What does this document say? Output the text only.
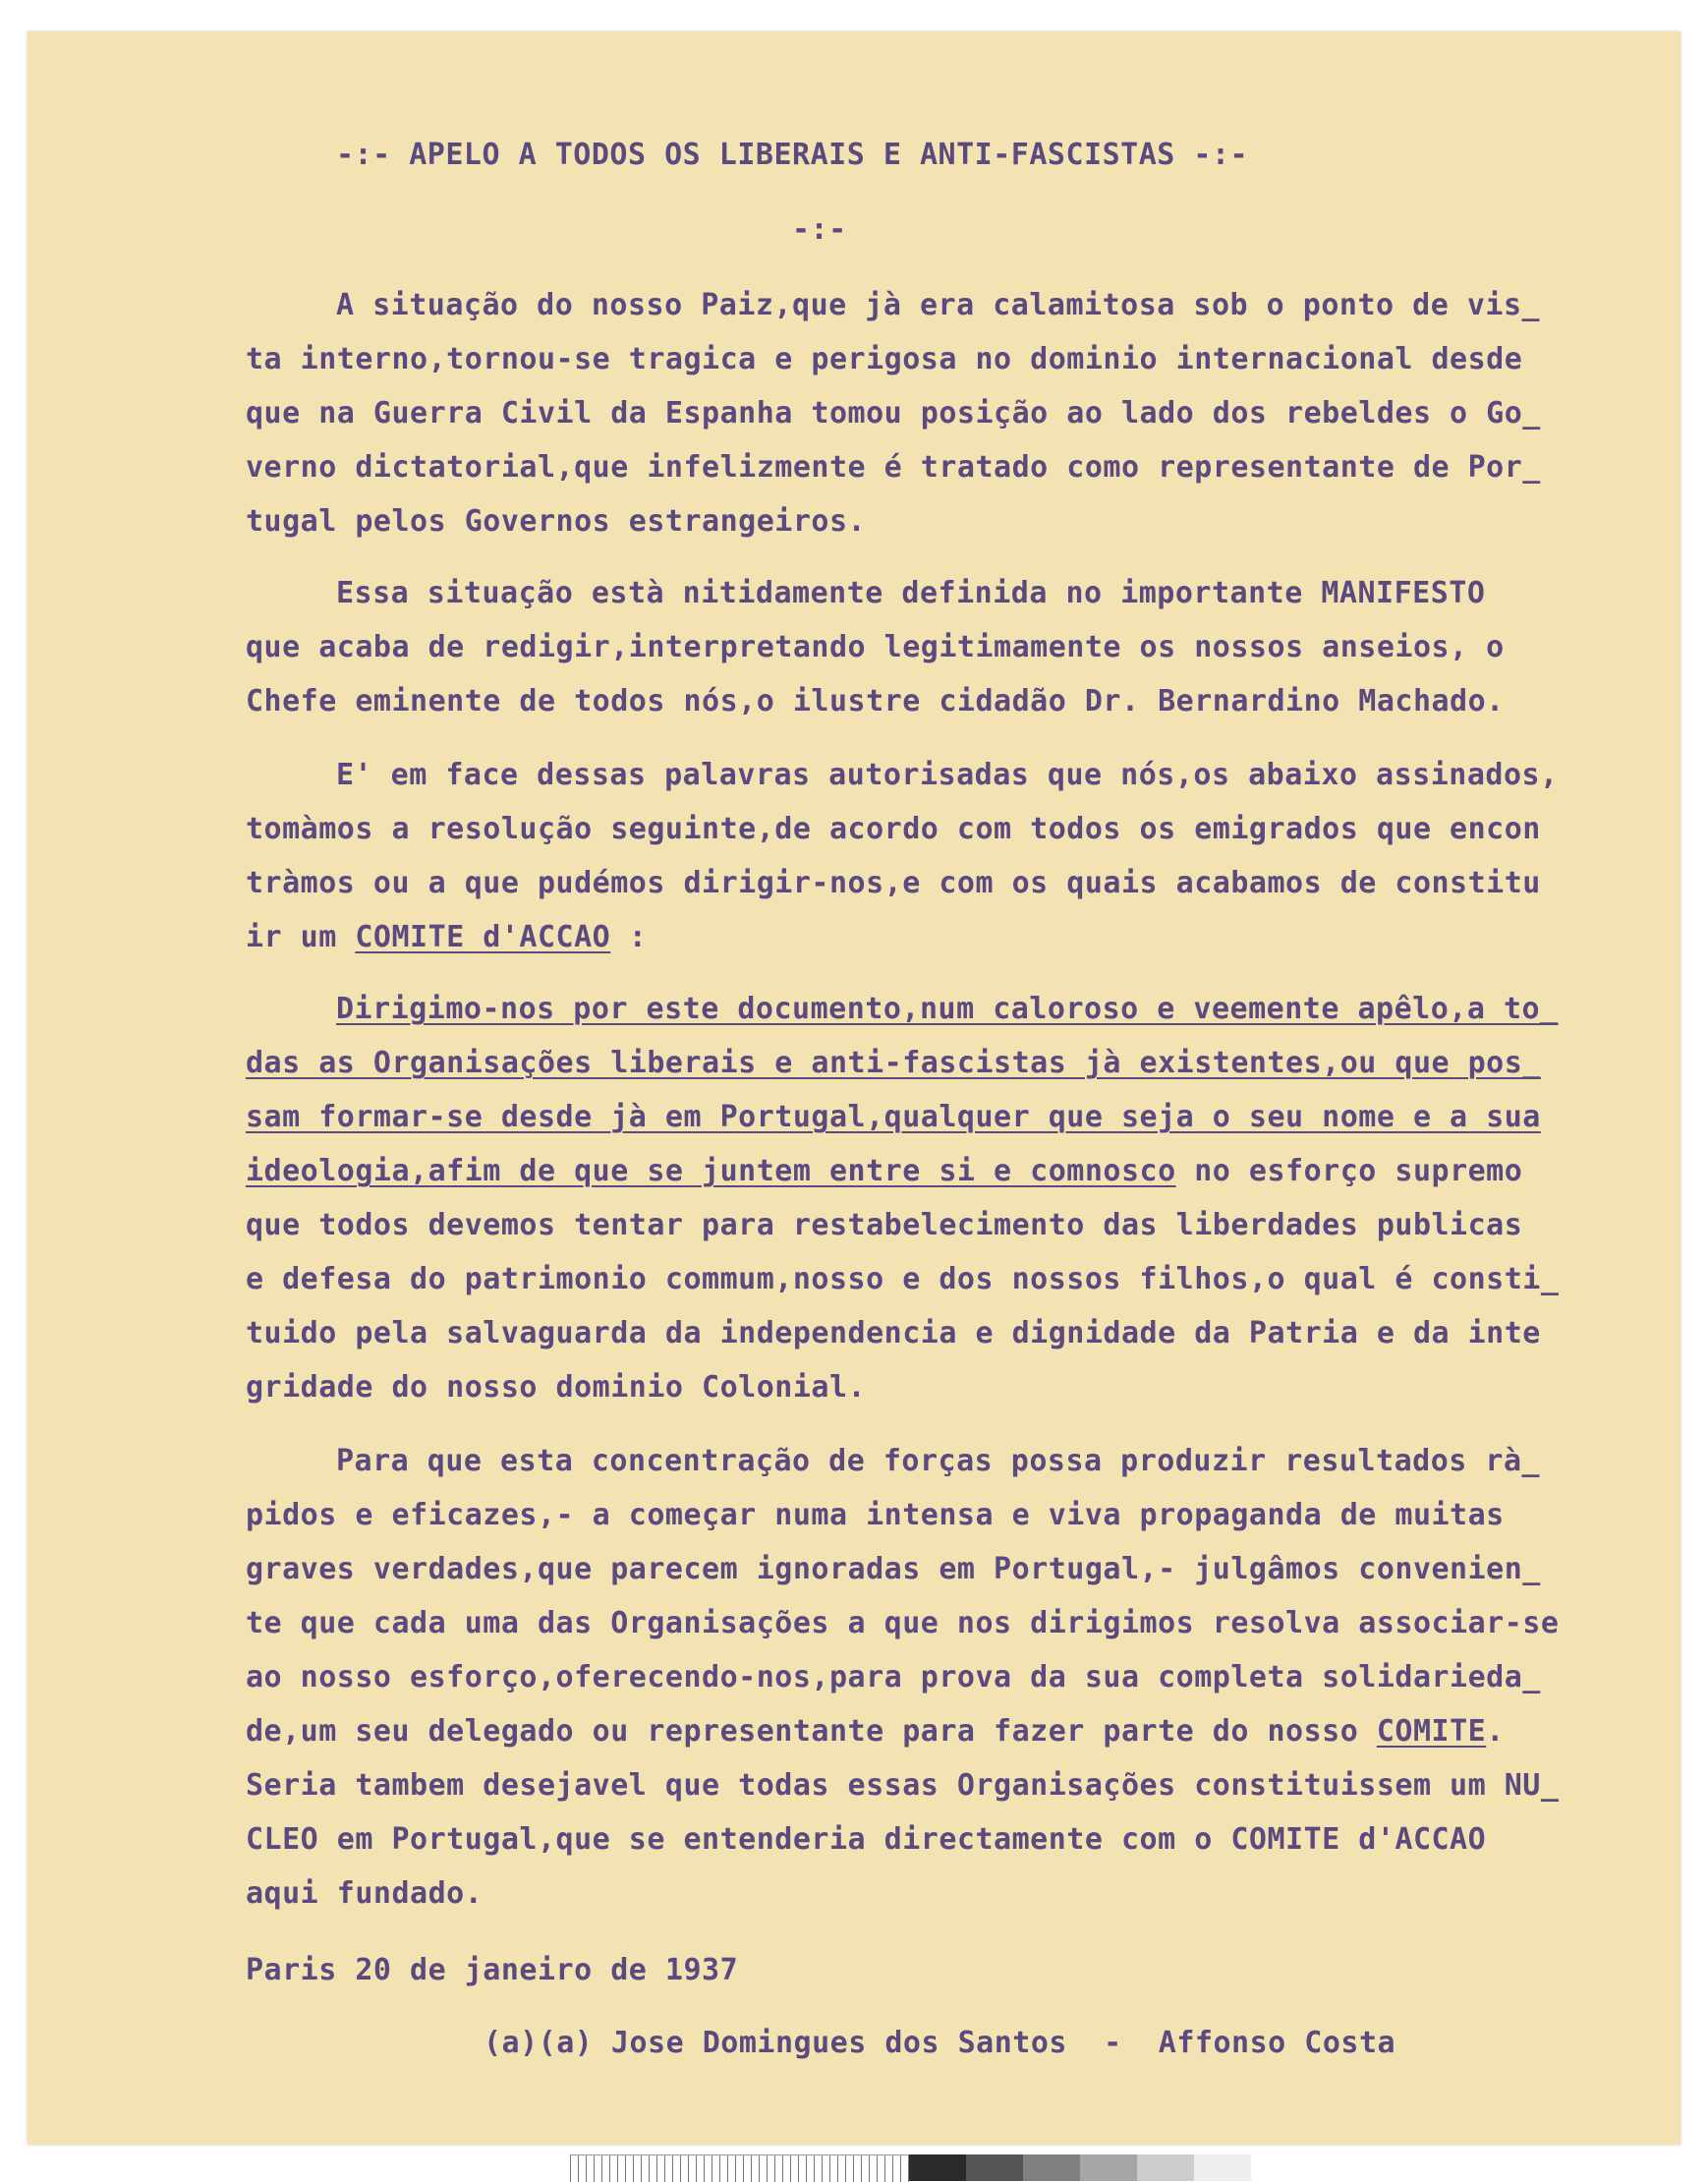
-:- APELO A TODOS OS LIBERAIS E ANTI-FASCISTAS -:-
-:-
A situação do nosso Paiz,que jà era calamitosa sob o ponto de vis_
ta interno,tornou-se tragica e perigosa no dominio internacional desde
que na Guerra Civil da Espanha tomou posição ao lado dos rebeldes o Go_
verno dictatorial,que infelizmente é tratado como representante de Por_
tugal pelos Governos estrangeiros.
Essa situação està nitidamente definida no importante MANIFESTO
que acaba de redigir,interpretando legitimamente os nossos anseios, o
Chefe eminente de todos nós,o ilustre cidadão Dr. Bernardino Machado.
E' em face dessas palavras autorisadas que nós,os abaixo assinados,
tomàmos a resolução seguinte,de acordo com todos os emigrados que encon
tràmos ou a que pudémos dirigir-nos,e com os quais acabamos de constitu
ir um COMITE d'ACCAO :
Dirigimo-nos por este documento,num caloroso e veemente apêlo,a to_
das as Organisações liberais e anti-fascistas jà existentes,ou que pos_
sam formar-se desde jà em Portugal,qualquer que seja o seu nome e a sua
ideologia,afim de que se juntem entre si e comnosco no esforço supremo
que todos devemos tentar para restabelecimento das liberdades publicas
e defesa do patrimonio commum,nosso e dos nossos filhos,o qual é consti_
tuido pela salvaguarda da independencia e dignidade da Patria e da inte
gridade do nosso dominio Colonial.
Para que esta concentração de forças possa produzir resultados rà_
pidos e eficazes,- a começar numa intensa e viva propaganda de muitas
graves verdades,que parecem ignoradas em Portugal,- julgâmos convenien_
te que cada uma das Organisações a que nos dirigimos resolva associar-se
ao nosso esforço,oferecendo-nos,para prova da sua completa solidarieda_
de,um seu delegado ou representante para fazer parte do nosso COMITE.
Seria tambem desejavel que todas essas Organisações constituissem um NU_
CLEO em Portugal,que se entenderia directamente com o COMITE d'ACCAO
aqui fundado.
Paris 20 de janeiro de 1937
(a)(a) Jose Domingues dos Santos  -  Affonso Costa
